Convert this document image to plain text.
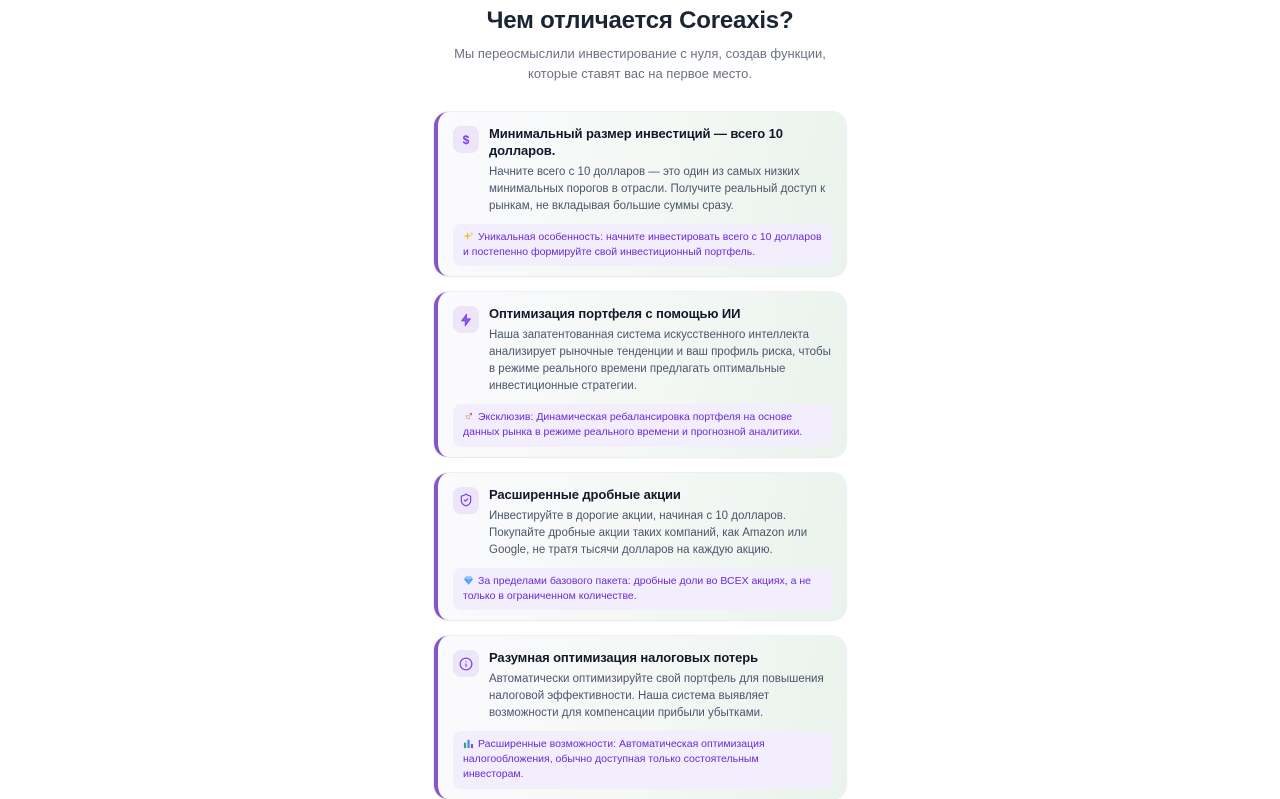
Чем отличается Coreaxis?

Мы переосмыслили инвестирование с нуля, создав функции, которые ставят вас на первое место.

$ Минимальный размер инвестиций — всего 10 долларов.

Начните всего с 10 долларов — это один из самых низких минимальных порогов в отрасли. Получите реальный доступ к рынкам, не вкладывая большие суммы сразу.

Уникальная особенность: начните инвестировать всего с 10 долларов и постепенно формируйте свой инвестиционный портфель.
Оптимизация портфеля с помощью ИИ

Наша запатентованная система искусственного интеллекта анализирует рыночные тенденции и ваш профиль риска, чтобы в режиме реального времени предлагать оптимальные инвестиционные стратегии.

Эксклюзив: Динамическая ребалансировка портфеля на основе данных рынка в режиме реального времени и прогнозной аналитики.
Расширенные дробные акции

Инвестируйте в дорогие акции, начиная с 10 долларов. Покупайте дробные акции таких компаний, как Amazon или Google, не тратя тысячи долларов на каждую акцию.

За пределами базового пакета: дробные доли во ВСЕХ акциях, а не только в ограниченном количестве.
Разумная оптимизация налоговых потерь

Автоматически оптимизируйте свой портфель для повышения налоговой эффективности. Наша система выявляет возможности для компенсации прибыли убытками.

Расширенные возможности: Автоматическая оптимизация налогообложения, обычно доступная только состоятельным инвесторам.
